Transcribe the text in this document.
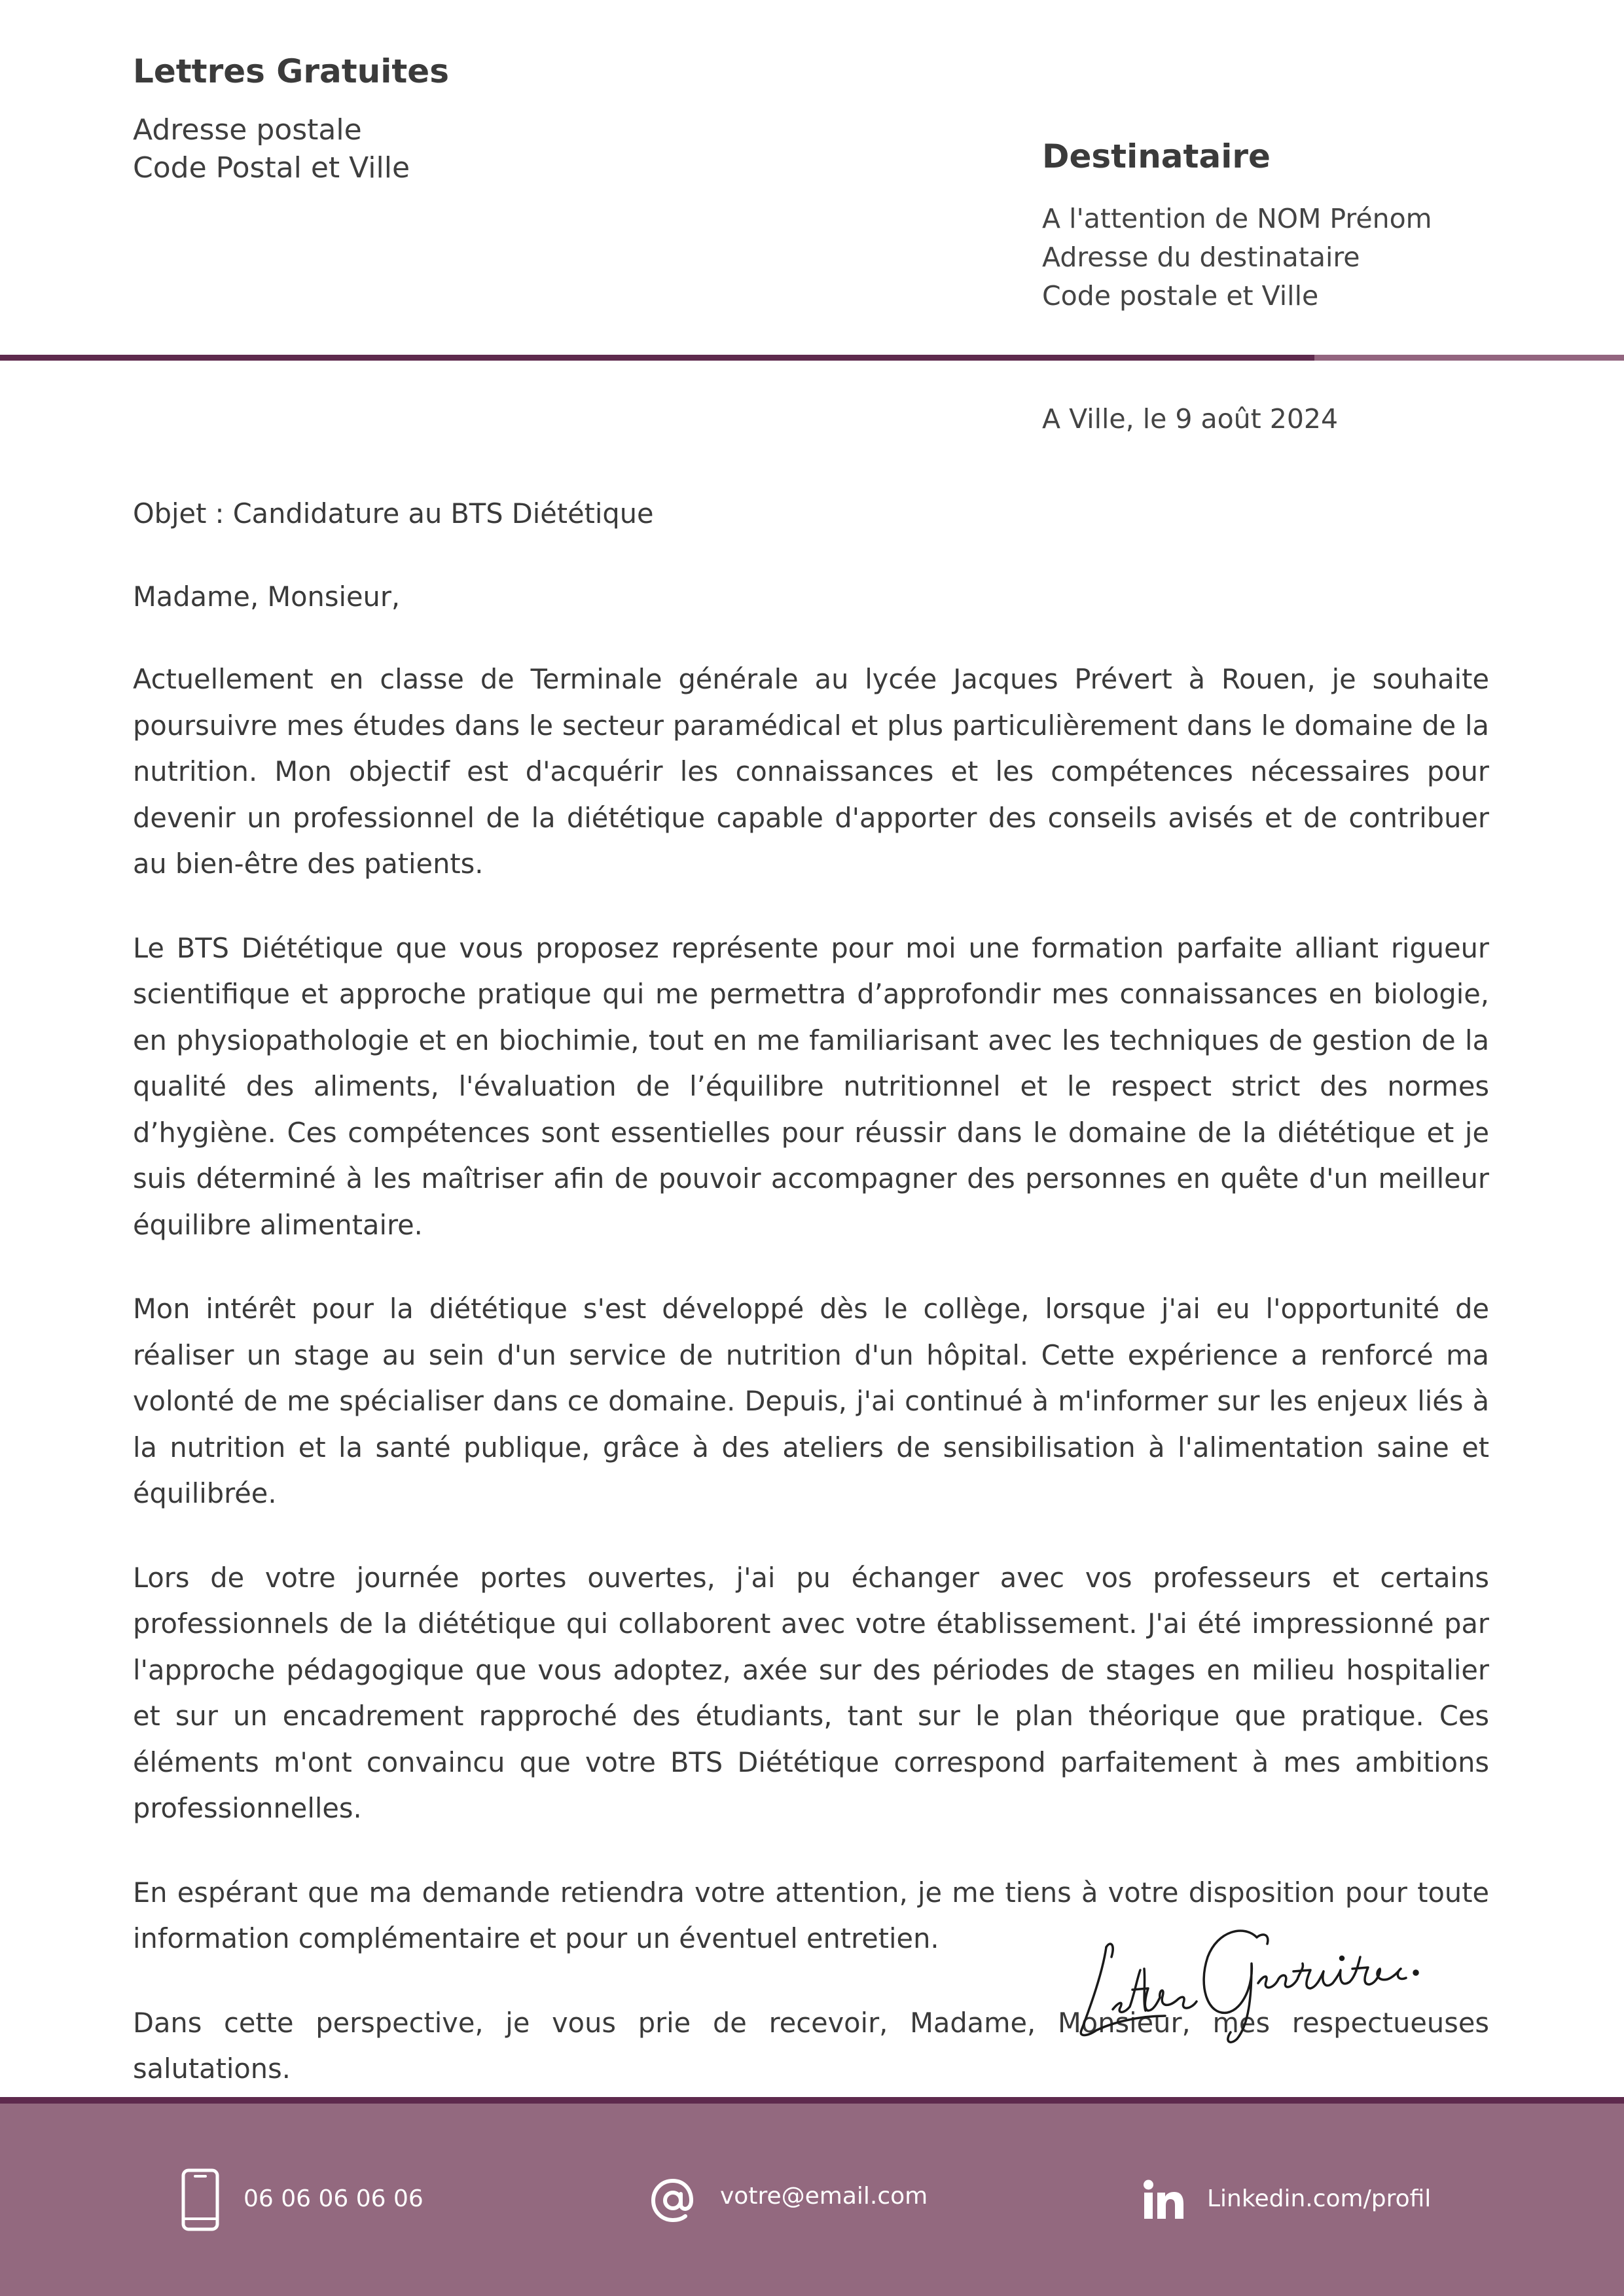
Lettres Gratuites
Adresse postale
Code Postal et Ville	Destinataire
A l'attention de NOM Prénom
Adresse du destinataire
Code postale et Ville
A Ville, le 9 août 2024

Objet : Candidature au BTS Diététique

Madame, Monsieur,

Actuellement en classe de Terminale générale au lycée Jacques Prévert à Rouen, je souhaite poursuivre mes études dans le secteur paramédical et plus particulièrement dans le domaine de la nutrition. Mon objectif est d'acquérir les connaissances et les compétences nécessaires pour devenir un professionnel de la diététique capable d'apporter des conseils avisés et de contribuer au bien-être des patients.

Le BTS Diététique que vous proposez représente pour moi une formation parfaite alliant rigueur scientifique et approche pratique qui me permettra d’approfondir mes connaissances en biologie, en physiopathologie et en biochimie, tout en me familiarisant avec les techniques de gestion de la qualité des aliments, l'évaluation de l’équilibre nutritionnel et le respect strict des normes d’hygiène. Ces compétences sont essentielles pour réussir dans le domaine de la diététique et je suis déterminé à les maîtriser afin de pouvoir accompagner des personnes en quête d'un meilleur équilibre alimentaire.

Mon intérêt pour la diététique s'est développé dès le collège, lorsque j'ai eu l'opportunité de réaliser un stage au sein d'un service de nutrition d'un hôpital. Cette expérience a renforcé ma volonté de me spécialiser dans ce domaine. Depuis, j'ai continué à m'informer sur les enjeux liés à la nutrition et la santé publique, grâce à des ateliers de sensibilisation à l'alimentation saine et équilibrée.

Lors de votre journée portes ouvertes, j'ai pu échanger avec vos professeurs et certains professionnels de la diététique qui collaborent avec votre établissement. J'ai été impressionné par l'approche pédagogique que vous adoptez, axée sur des périodes de stages en milieu hospitalier et sur un encadrement rapproché des étudiants, tant sur le plan théorique que pratique. Ces éléments m'ont convaincu que votre BTS Diététique correspond parfaitement à mes ambitions professionnelles.

En espérant que ma demande retiendra votre attention, je me tiens à votre disposition pour toute information complémentaire et pour un éventuel entretien.

Dans cette perspective, je vous prie de recevoir, Madame, Monsieur, mes respectueuses salutations.

06 06 06 06 06	votre@email.com	Linkedin.com/profil
